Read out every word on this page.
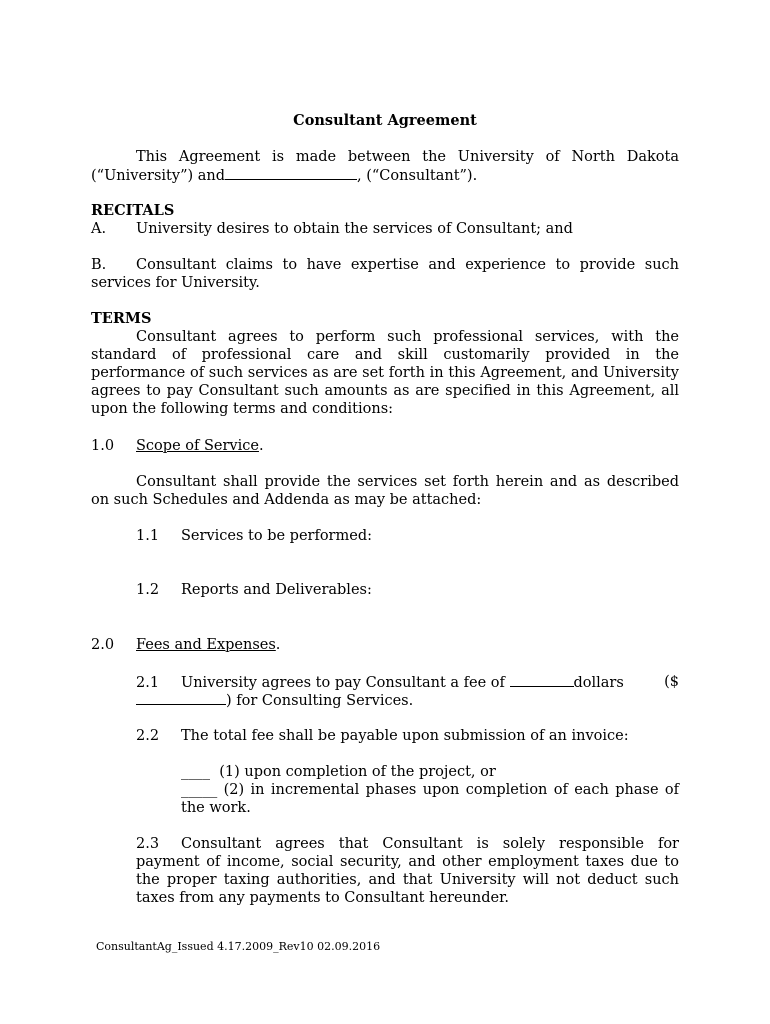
Consultant Agreement

This Agreement is made between the University of North Dakota (“University”) and	, (“Consultant”).

RECITALS

A. University desires to obtain the services of Consultant; and

B. Consultant claims to have expertise and experience to provide such services for University.

TERMS

Consultant agrees to perform such professional services, with the standard of professional care and skill customarily provided in the performance of such services as are set forth in this Agreement, and University agrees to pay Consultant such amounts as are specified in this Agreement, all upon the following terms and conditions:

1.0 Scope of Service.

Consultant shall provide the services set forth herein and as described on such Schedules and Addenda as may be attached:

1.1 Services to be performed:

1.2 Reports and Deliverables:

2.0 Fees and Expenses.

2.1 University agrees to pay Consultant a fee of	dollars	($
) for Consulting Services.

2.2 The total fee shall be payable upon submission of an invoice:

____ (1) upon completion of the project, or

_____ (2) in incremental phases upon completion of each phase of the work.

2.3 Consultant agrees that Consultant is solely responsible for payment of income, social security, and other employment taxes due to the proper taxing authorities, and that University will not deduct such taxes from any payments to Consultant hereunder.

ConsultantAg_Issued 4.17.2009_Rev10 02.09.2016
